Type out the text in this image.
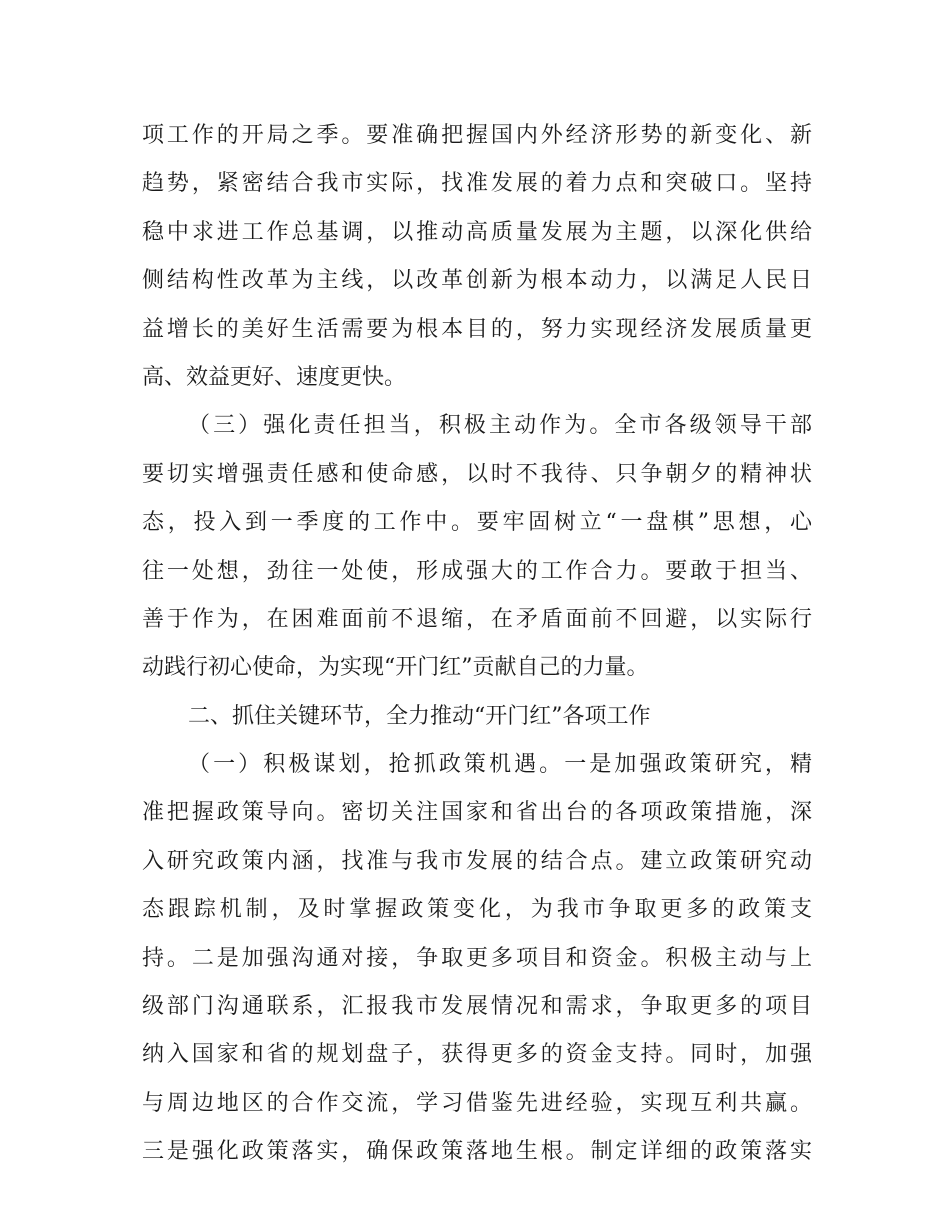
项工作的开局之季。要准确把握国内外经济形势的新变化、新
趋势，紧密结合我市实际，找准发展的着力点和突破口。坚持
稳中求进工作总基调，以推动高质量发展为主题，以深化供给
侧结构性改革为主线，以改革创新为根本动力，以满足人民日
益增长的美好生活需要为根本目的，努力实现经济发展质量更
高、效益更好、速度更快。
（三）强化责任担当，积极主动作为。全市各级领导干部
要切实增强责任感和使命感，以时不我待、只争朝夕的精神状
态，投入到一季度的工作中。要牢固树立“一盘棋”思想，心
往一处想，劲往一处使，形成强大的工作合力。要敢于担当、
善于作为，在困难面前不退缩，在矛盾面前不回避，以实际行
动践行初心使命，为实现“开门红”贡献自己的力量。
二、抓住关键环节，全力推动“开门红”各项工作
（一）积极谋划，抢抓政策机遇。一是加强政策研究，精
准把握政策导向。密切关注国家和省出台的各项政策措施，深
入研究政策内涵，找准与我市发展的结合点。建立政策研究动
态跟踪机制，及时掌握政策变化，为我市争取更多的政策支
持。二是加强沟通对接，争取更多项目和资金。积极主动与上
级部门沟通联系，汇报我市发展情况和需求，争取更多的项目
纳入国家和省的规划盘子，获得更多的资金支持。同时，加强
与周边地区的合作交流，学习借鉴先进经验，实现互利共赢。
三是强化政策落实，确保政策落地生根。制定详细的政策落实
